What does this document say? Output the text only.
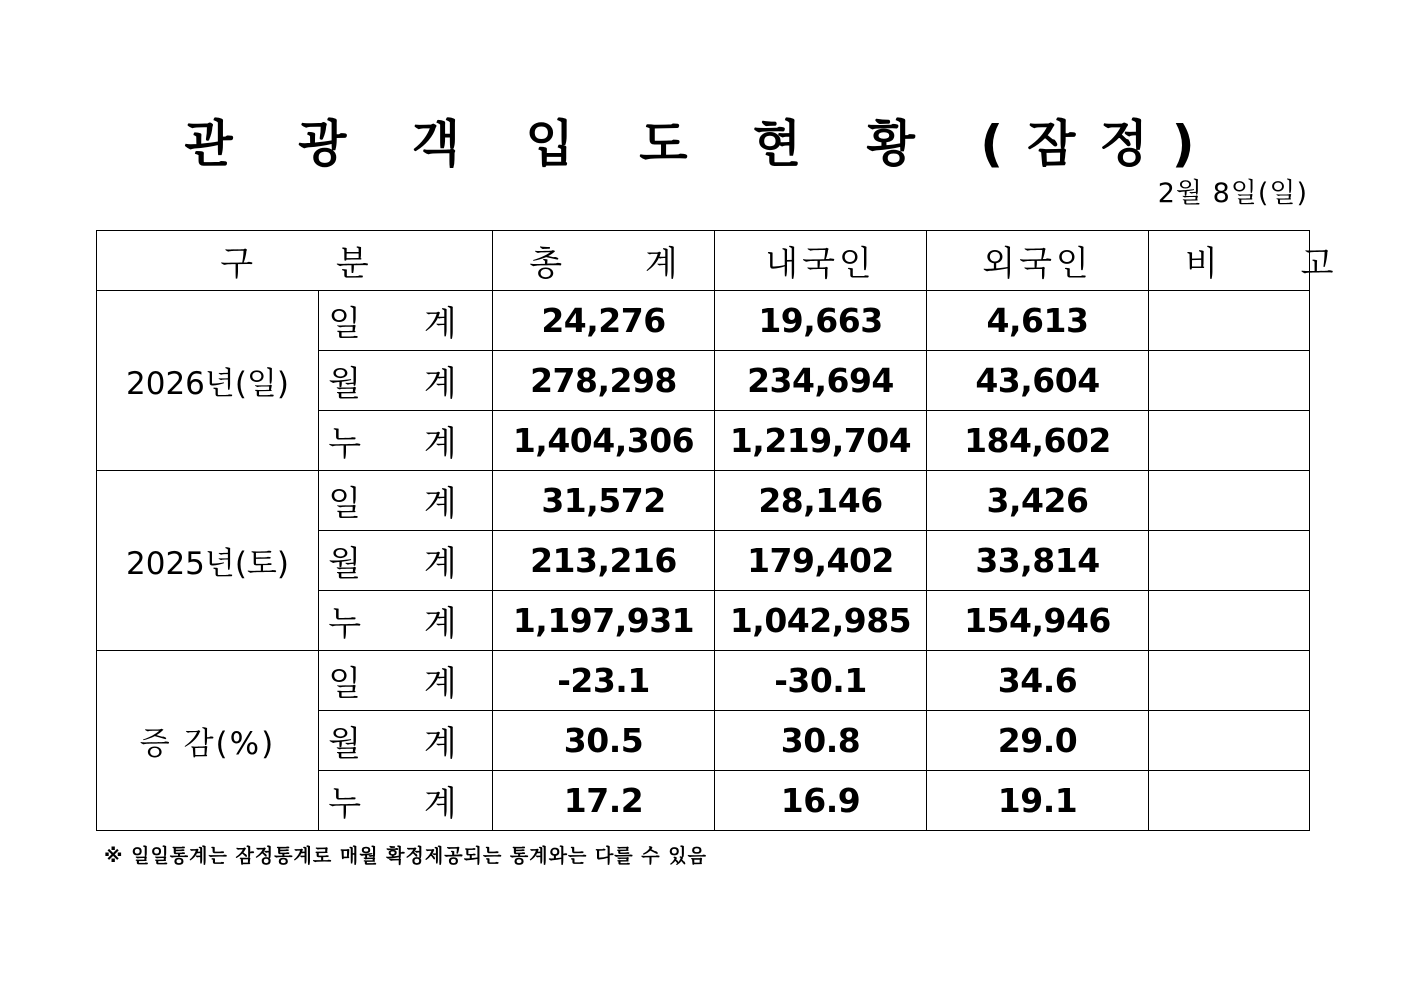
관 광 객 입 도 현 황 (잠정)
2월 8일(일)
구 분		총 계	내국인	외국인	비 고
2026년(일)	일 계	24,276	19,663	4,613	
	월 계	278,298	234,694	43,604	
	누 계	1,404,306	1,219,704	184,602	
2025년(토)	일 계	31,572	28,146	3,426	
	월 계	213,216	179,402	33,814	
	누 계	1,197,931	1,042,985	154,946	
증 감(%)	일 계	-23.1	-30.1	34.6	
	월 계	30.5	30.8	29.0	
	누 계	17.2	16.9	19.1	
※ 일일통계는 잠정통계로 매월 확정제공되는 통계와는 다를 수 있음
